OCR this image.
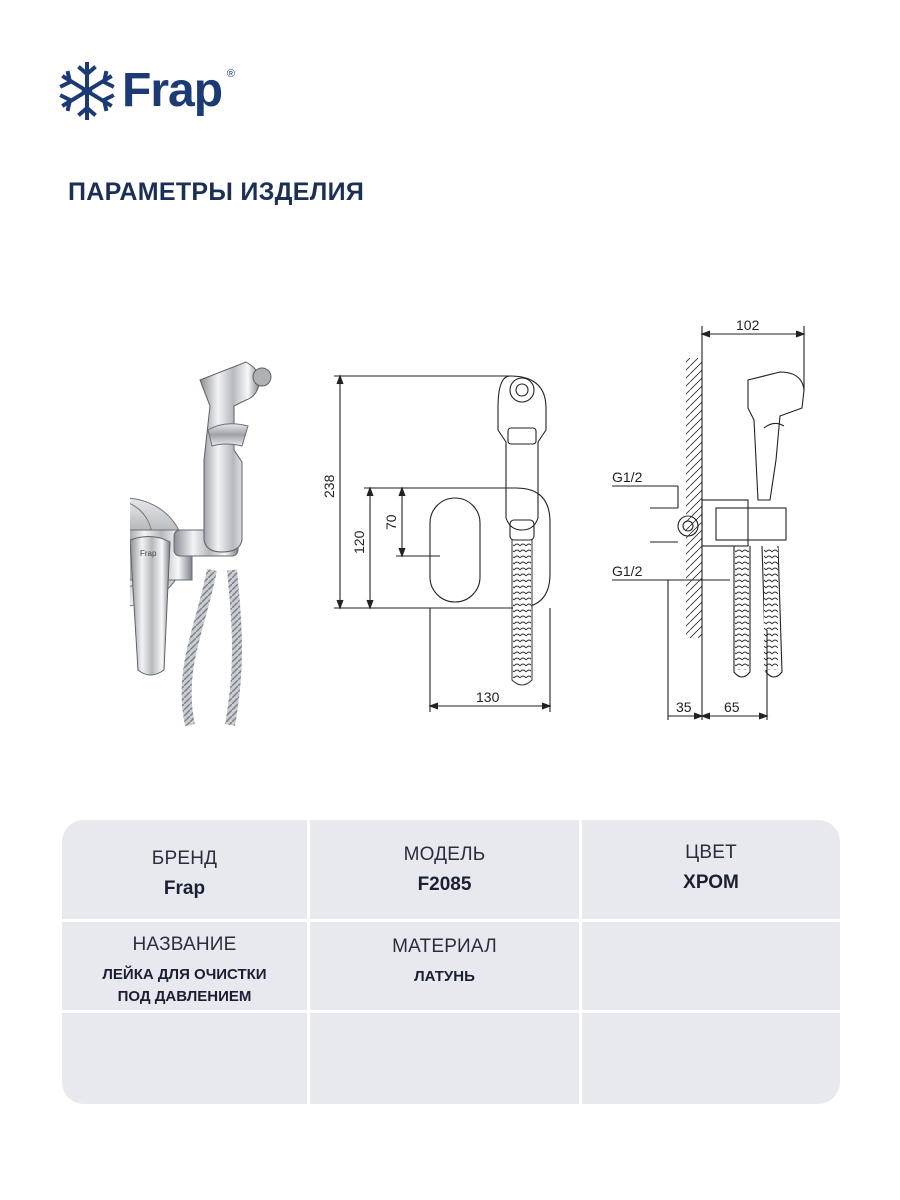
Frap ®
ПАРАМЕТРЫ ИЗДЕЛИЯ
Frap
238
120
70
130
102
G1/2
G1/2
35 65
БРЕНД
Frap
МОДЕЛЬ
F2085
ЦВЕТ
ХРОМ
НАЗВАНИЕ
ЛЕЙКА ДЛЯ ОЧИСТКИ
ПОД ДАВЛЕНИЕМ
МАТЕРИАЛ
ЛАТУНЬ
